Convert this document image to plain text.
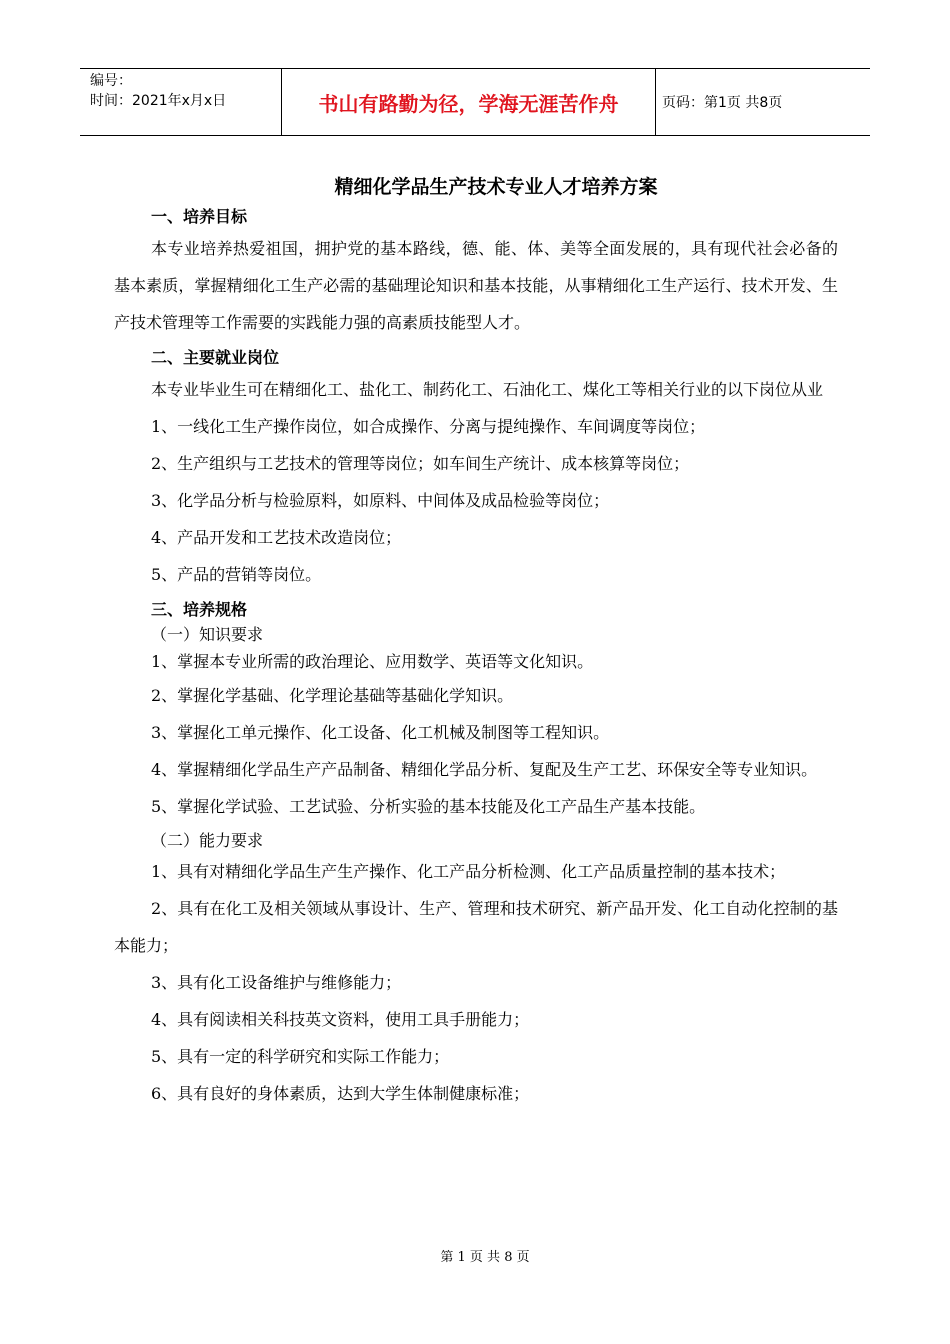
编号：
时间：2021年x月x日	书山有路勤为径，学海无涯苦作舟	页码：第1页 共8页
精细化学品生产技术专业人才培养方案
一、培养目标

本专业培养热爱祖国，拥护党的基本路线，德、能、体、美等全面发展的，具有现代社会必备的基本素质，掌握精细化工生产必需的基础理论知识和基本技能，从事精细化工生产运行、技术开发、生产技术管理等工作需要的实践能力强的高素质技能型人才。

二、主要就业岗位

本专业毕业生可在精细化工、盐化工、制药化工、石油化工、煤化工等相关行业的以下岗位从业

1、一线化工生产操作岗位，如合成操作、分离与提纯操作、车间调度等岗位；

2、生产组织与工艺技术的管理等岗位；如车间生产统计、成本核算等岗位；

3、化学品分析与检验原料，如原料、中间体及成品检验等岗位；

4、产品开发和工艺技术改造岗位；

5、产品的营销等岗位。

三、培养规格
（一）知识要求

1、掌握本专业所需的政治理论、应用数学、英语等文化知识。

2、掌握化学基础、化学理论基础等基础化学知识。

3、掌握化工单元操作、化工设备、化工机械及制图等工程知识。

4、掌握精细化学品生产产品制备、精细化学品分析、复配及生产工艺、环保安全等专业知识。

5、掌握化学试验、工艺试验、分析实验的基本技能及化工产品生产基本技能。

（二）能力要求

1、具有对精细化学品生产生产操作、化工产品分析检测、化工产品质量控制的基本技术；

2、具有在化工及相关领域从事设计、生产、管理和技术研究、新产品开发、化工自动化控制的基本能力；

3、具有化工设备维护与维修能力；

4、具有阅读相关科技英文资料，使用工具手册能力；

5、具有一定的科学研究和实际工作能力；

6、具有良好的身体素质，达到大学生体制健康标准；

第 1 页 共 8 页
